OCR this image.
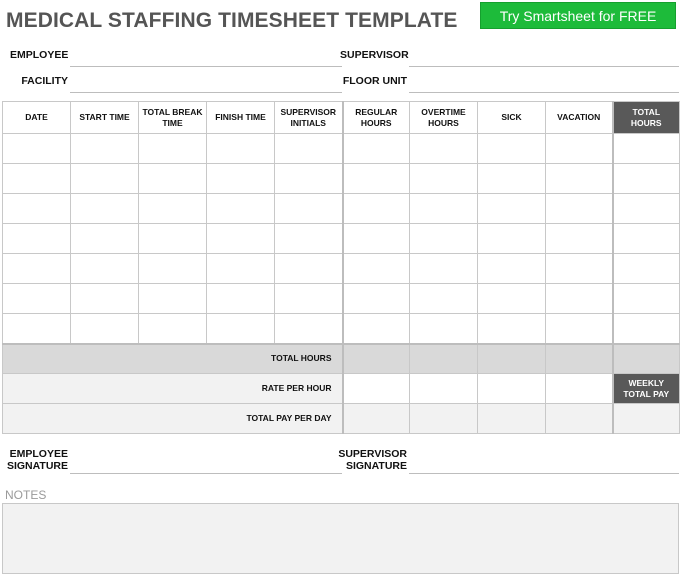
MEDICAL STAFFING TIMESHEET TEMPLATE	Try Smartsheet for FREE
EMPLOYEE	SUPERVISOR
FACILITY	FLOOR UNIT
DATE	START TIME	TOTAL BREAK TIME	FINISH TIME	SUPERVISOR INITIALS	REGULAR HOURS	OVERTIME HOURS	SICK	VACATION	TOTAL HOURS

TOTAL HOURS									
RATE PER HOUR									WEEKLY TOTAL PAY
TOTAL PAY PER DAY									
EMPLOYEE SIGNATURE
SUPERVISOR SIGNATURE
NOTES
